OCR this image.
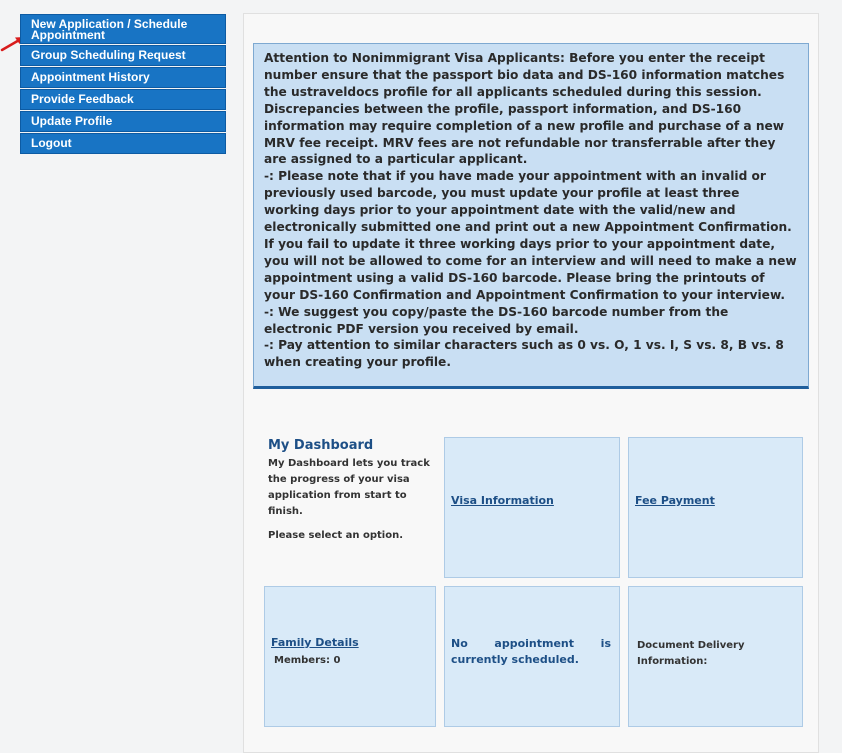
New Application / Schedule Appointment
Group Scheduling Request
Appointment History
Provide Feedback
Update Profile
Logout

Attention to Nonimmigrant Visa Applicants: Before you enter the receipt number ensure that the passport bio data and DS-160 information matches the ustraveldocs profile for all applicants scheduled during this session. Discrepancies between the profile, passport information, and DS-160 information may require completion of a new profile and purchase of a new MRV fee receipt. MRV fees are not refundable nor transferrable after they are assigned to a particular applicant.

-: Please note that if you have made your appointment with an invalid or previously used barcode, you must update your profile at least three working days prior to your appointment date with the valid/new and electronically submitted one and print out a new Appointment Confirmation. If you fail to update it three working days prior to your appointment date, you will not be allowed to come for an interview and will need to make a new appointment using a valid DS-160 barcode. Please bring the printouts of your DS-160 Confirmation and Appointment Confirmation to your interview.

-: We suggest you copy/paste the DS-160 barcode number from the electronic PDF version you received by email.

-: Pay attention to similar characters such as 0 vs. O, 1 vs. I, S vs. 8, B vs. 8 when creating your profile.

My Dashboard
My Dashboard lets you track the progress of your visa application from start to finish.
Please select an option.
Visa Information	Fee Payment
Family Details
Members: 0
No appointment is
currently scheduled.
Document Delivery Information:
